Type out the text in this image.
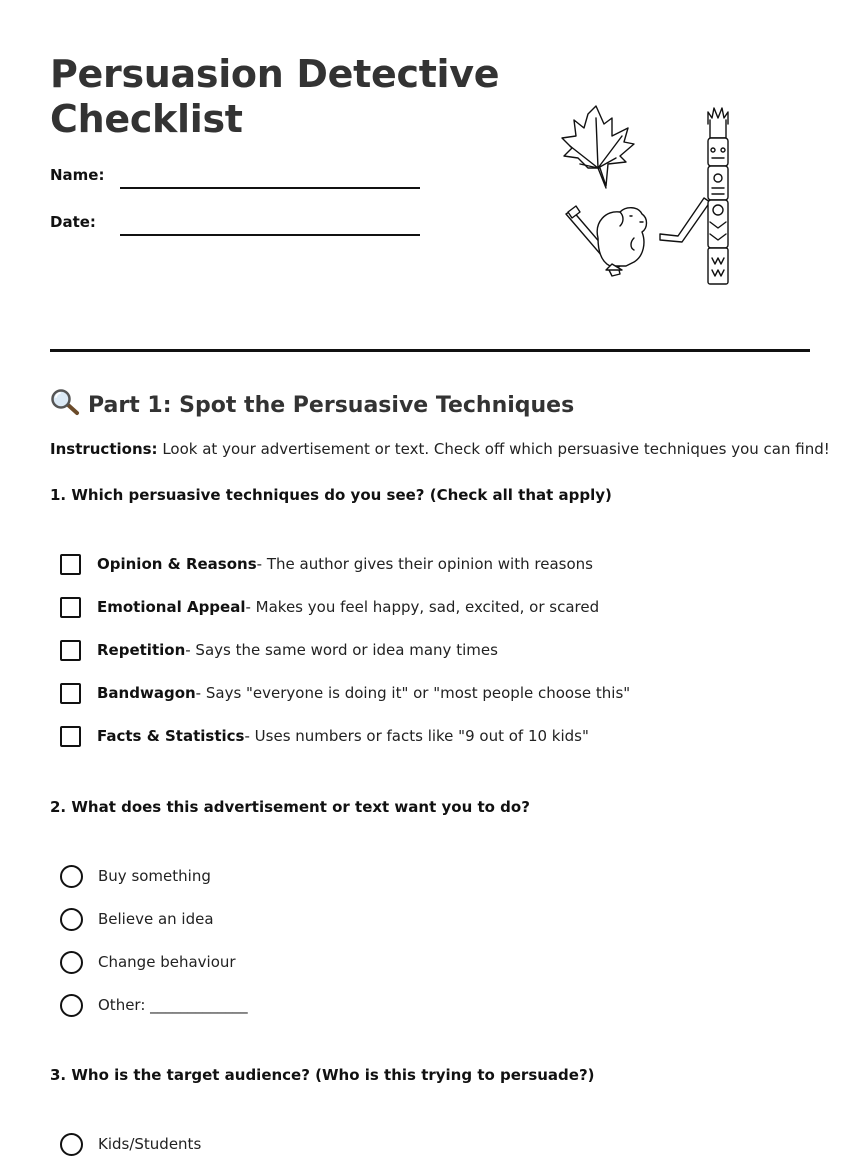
Persuasion Detective
Checklist
Name:
Date:
Part 1: Spot the Persuasive Techniques
Instructions: Look at your advertisement or text. Check off which persuasive techniques you can find!
1. Which persuasive techniques do you see? (Check all that apply)
Opinion & Reasons - The author gives their opinion with reasons
Emotional Appeal - Makes you feel happy, sad, excited, or scared
Repetition - Says the same word or idea many times
Bandwagon - Says "everyone is doing it" or "most people choose this"
Facts & Statistics - Uses numbers or facts like "9 out of 10 kids"
2. What does this advertisement or text want you to do?
Buy something
Believe an idea
Change behaviour
Other: _____________
3. Who is the target audience? (Who is this trying to persuade?)
Kids/Students
